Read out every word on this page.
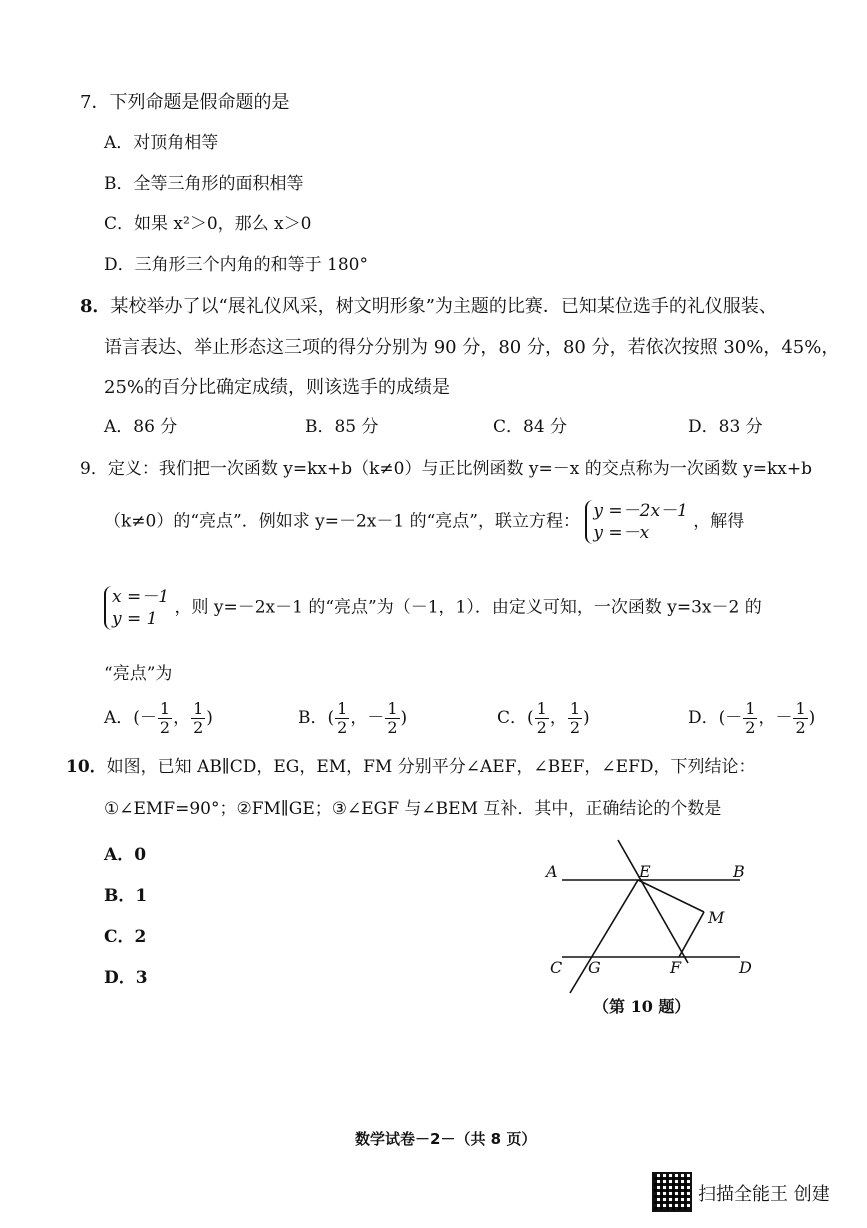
7．下列命题是假命题的是
A．对顶角相等
B．全等三角形的面积相等
C．如果 x²＞0，那么 x＞0
D．三角形三个内角的和等于 180°
8．某校举办了以“展礼仪风采，树文明形象”为主题的比赛．已知某位选手的礼仪服装、
语言表达、举止形态这三项的得分分别为 90 分，80 分，80 分，若依次按照 30%，45%，
25%的百分比确定成绩，则该选手的成绩是
A．86 分	B．85 分	C．84 分	D．83 分
9．定义：我们把一次函数 y=kx+b（k≠0）与正比例函数 y=－x 的交点称为一次函数 y=kx+b
（k≠0）的“亮点”．例如求 y=－2x－1 的“亮点”，联立方程：
y =－2x－1
y =－x
，解得
x =－1
y = 1
，则 y=－2x－1 的“亮点”为（－1，1）．由定义可知，一次函数 y=3x－2 的
“亮点”为
A．(－ $\frac{1}{2}$ ， $\frac{1}{2}$ )	B．( $\frac{1}{2}$ ，－ $\frac{1}{2}$ )	C．( $\frac{1}{2}$ ， $\frac{1}{2}$ )	D．(－ $\frac{1}{2}$ ，－ $\frac{1}{2}$ )
10．如图，已知 AB∥CD，EG，EM，FM 分别平分∠AEF，∠BEF，∠EFD，下列结论：
①∠EMF=90°；②FM∥GE；③∠EGF 与∠BEM 互补．其中，正确结论的个数是
A．0
B．1
C．2
D．3
A	E	B
M
C G	F	D
（第 10 题）
数学试卷－2－（共 8 页）
扫描全能王 创建
